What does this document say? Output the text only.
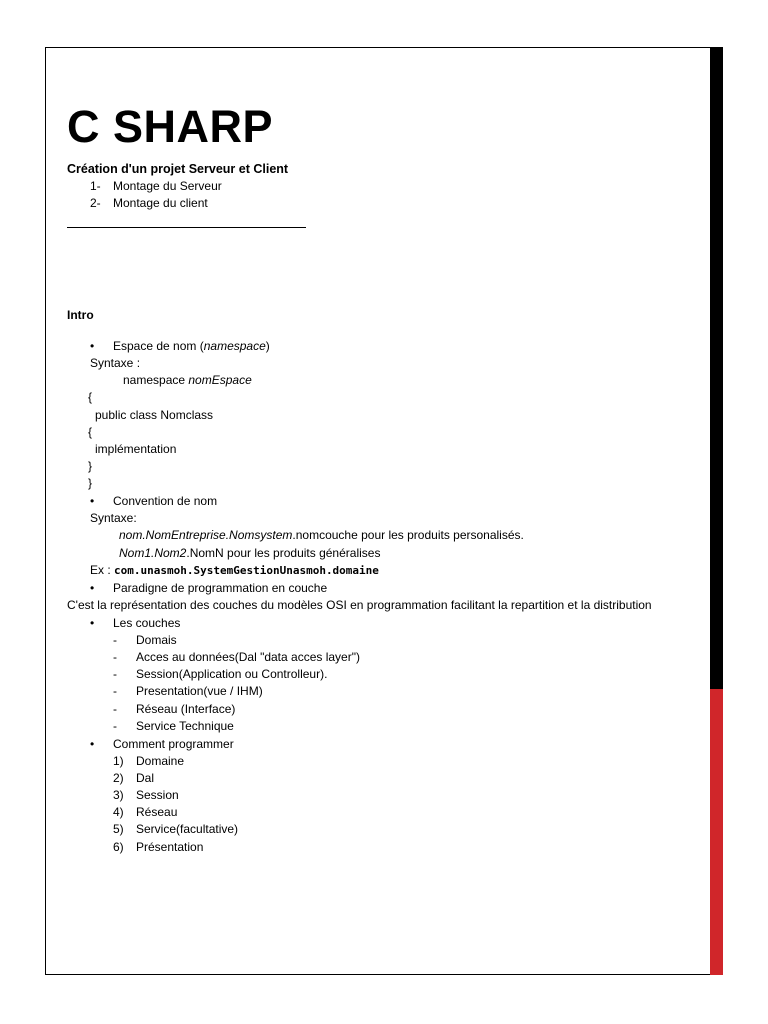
C SHARP
Création d'un projet Serveur et Client
1- Montage du Serveur
2- Montage du client
Intro
• Espace de nom (namespace)
Syntaxe :
namespace nomEspace
{
public class Nomclass
{
implémentation
}
}
• Convention de nom
Syntaxe:
nom.NomEntreprise.Nomsystem.nomcouche pour les produits personalisés.
Nom1.Nom2.NomN pour les produits généralises
Ex : com.unasmoh.SystemGestionUnasmoh.domaine
• Paradigne de programmation en couche
C'est la représentation des couches du modèles OSI en programmation facilitant la repartition et la distribution
• Les couches
- Domais
- Acces au données(Dal "data acces layer")
- Session(Application ou Controlleur).
- Presentation(vue / IHM)
- Réseau (Interface)
- Service Technique
• Comment programmer
1) Domaine
2) Dal
3) Session
4) Réseau
5) Service(facultative)
6) Présentation
